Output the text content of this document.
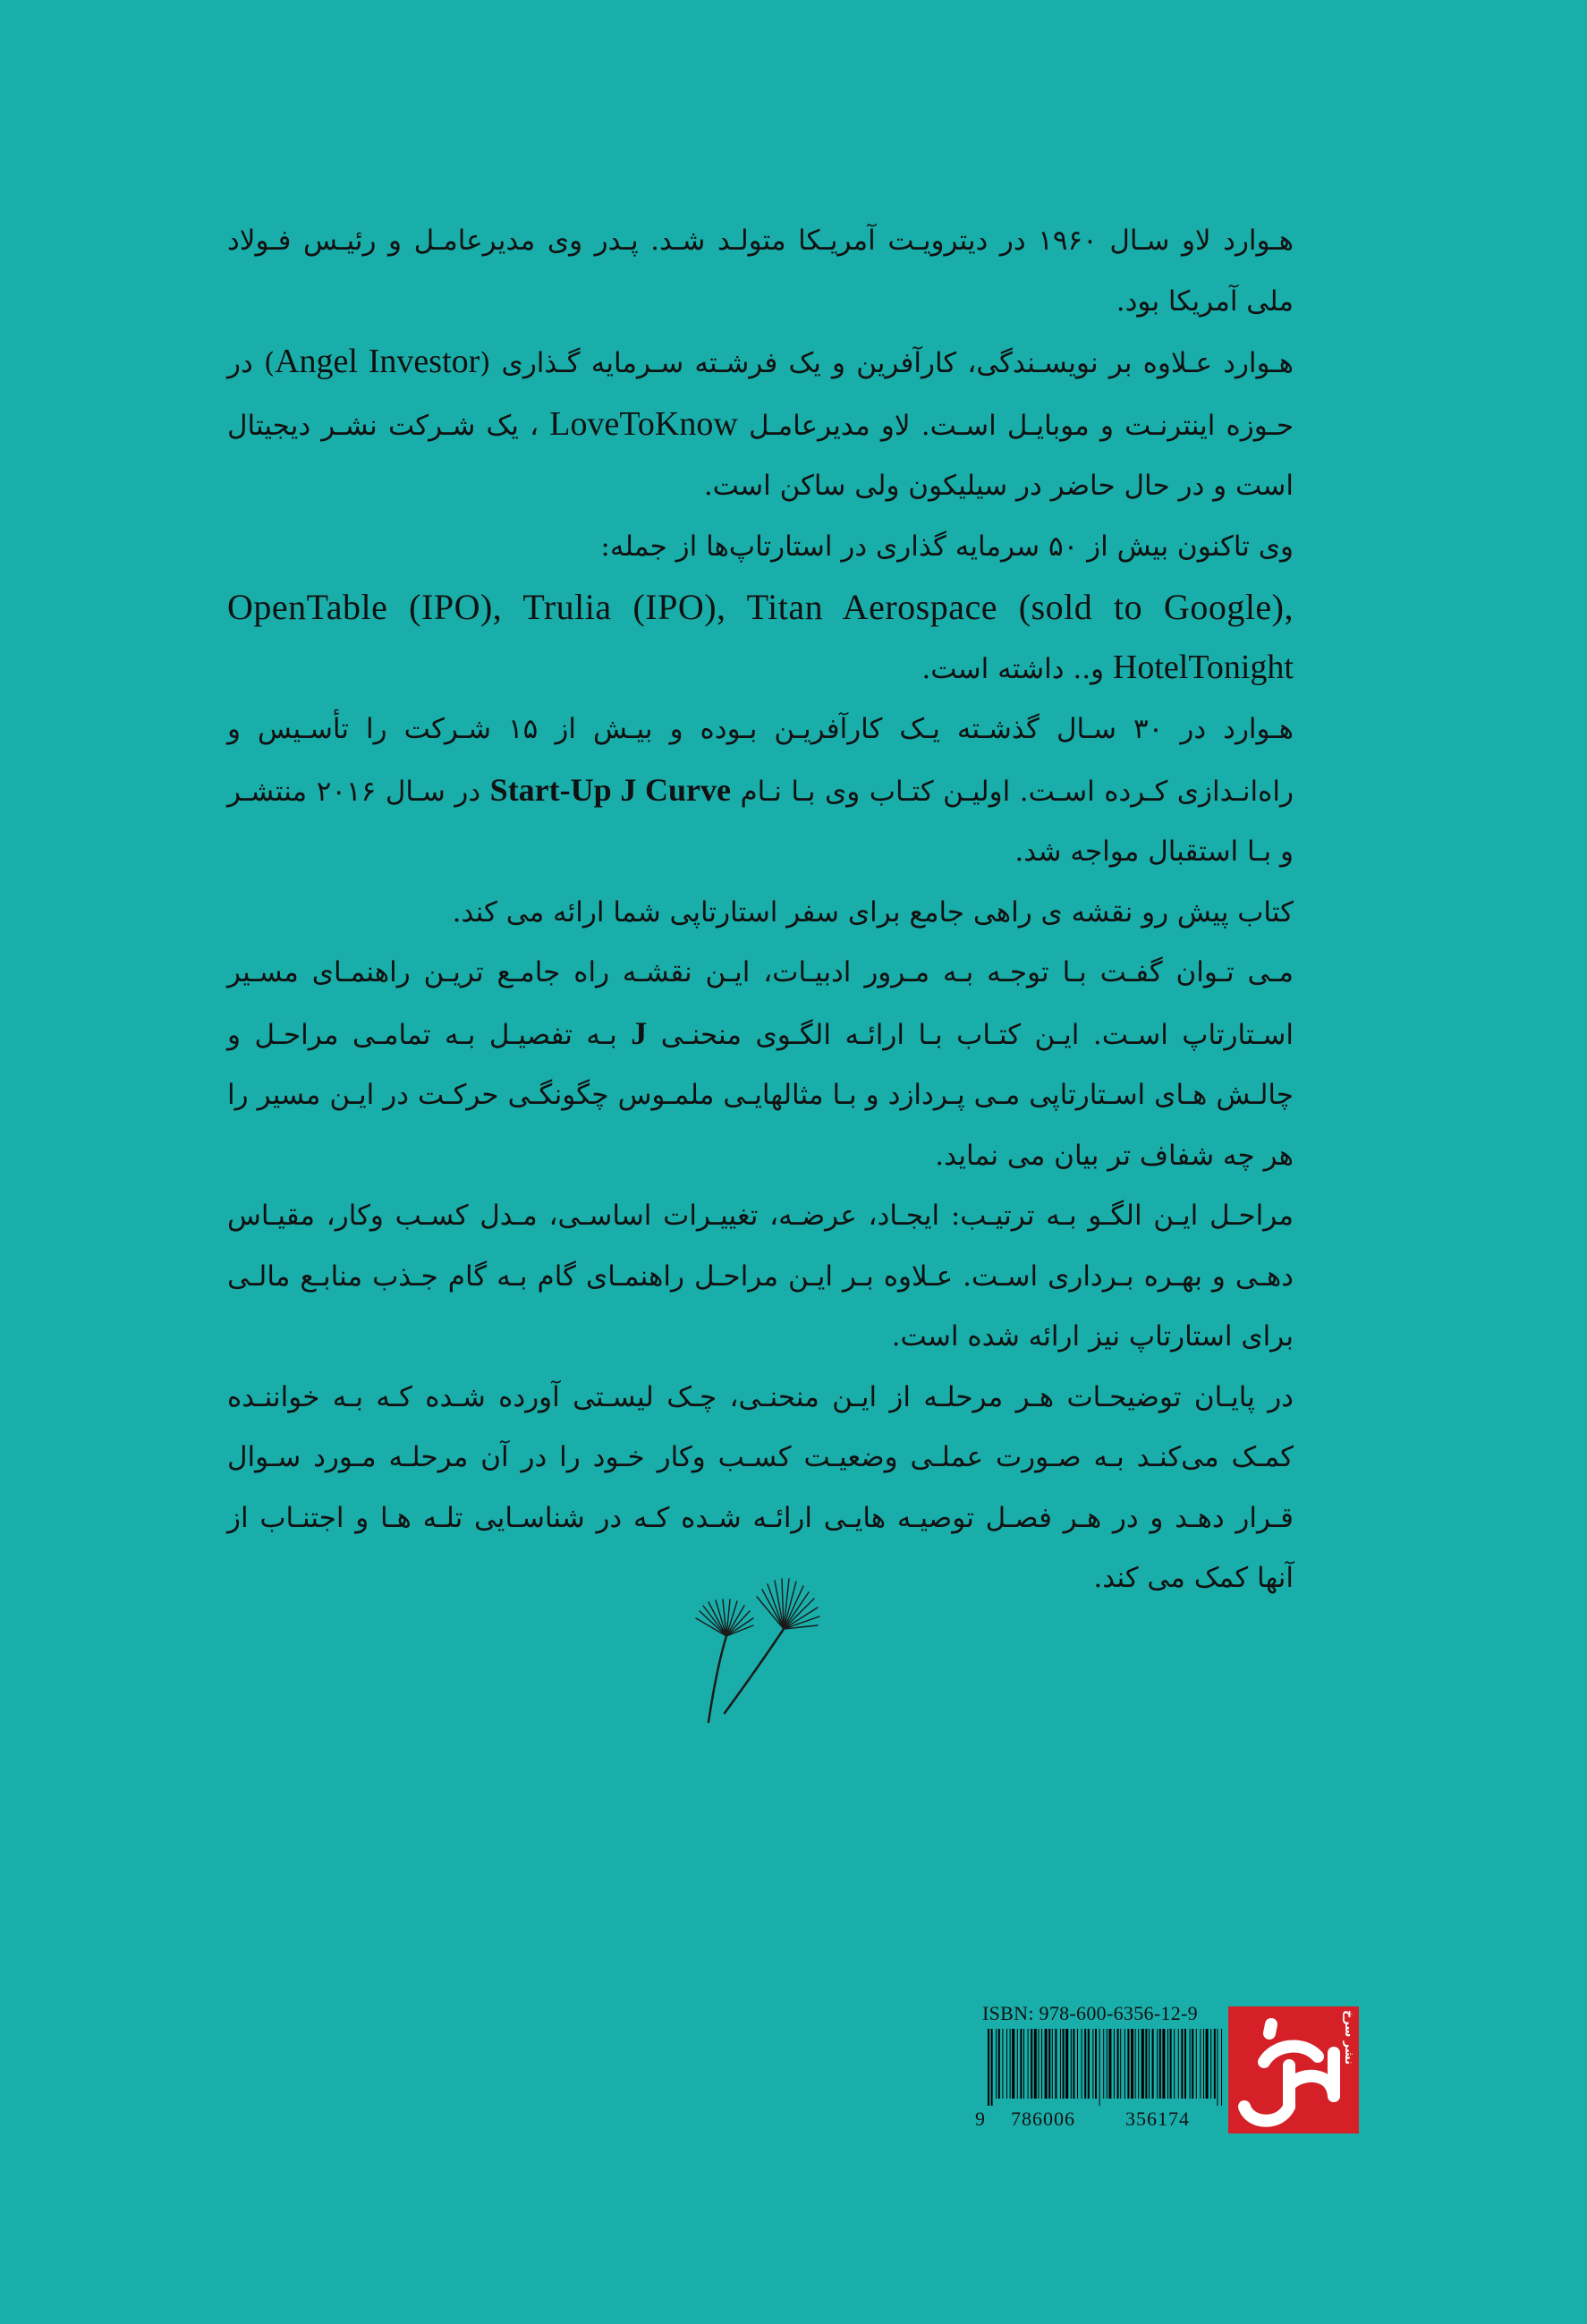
هـوارد لاو سـال ۱۹۶۰ در دیترویـت آمریـکا متولـد شـد. پـدر وی مدیرعامـل و رئیـس فـولاد ملی آمریکا بود.

هـوارد عـلاوه بر نویسـندگی، کارآفرین و یک فرشـته سـرمایه گـذاری (Angel Investor) در حـوزه اینترنـت و موبایـل اسـت. لاو مدیرعامـل LoveToKnow ، یک شـرکت نشـر دیجیتال است و در حال حاضر در سیلیکون ولی ساکن است.

وی تاکنون بیش از ۵۰ سرمایه گذاری در استارتاپ‌ها از جمله:

OpenTable (IPO), Trulia (IPO), Titan Aerospace (sold to Google),

HotelTonight و.. داشته است.

هـوارد در ۳۰ سـال گذشـته یـک کارآفریـن بـوده و بیـش از ۱۵ شـرکت را تأسـیس و راه‌انـدازی کـرده اسـت. اولیـن کتـاب وی بـا نـام Start-Up J Curve در سـال ۲۰۱۶ منتشـر و بـا استقبال مواجه شد.

کتاب پیش رو نقشه ی راهی جامع برای سفر استارتاپی شما ارائه می کند.

مـی تـوان گفـت بـا توجـه بـه مـرور ادبیـات، ایـن نقشـه راه جامـع تریـن راهنمـای مسـیر اسـتارتاپ اسـت. ایـن کتـاب بـا ارائـه الگـوی منحنـی J بـه تفصیـل بـه تمامـی مراحـل و چالـش هـای اسـتارتاپی مـی پـردازد و بـا مثالهایـی ملمـوس چگونگـی حرکـت در ایـن مسیر را هر چه شفاف تر بیان می نماید.

مراحـل ایـن الگـو بـه ترتیـب: ایجـاد، عرضـه، تغییـرات اساسـی، مـدل کسـب وکار، مقیـاس دهـی و بهـره بـرداری اسـت. عـلاوه بـر ایـن مراحـل راهنمـای گام بـه گام جـذب منابـع مالـی برای استارتاپ نیز ارائه شده است.

در پایـان توضیحـات هـر مرحلـه از ایـن منحنـی، چـک لیسـتی آورده شـده کـه بـه خواننـده کمـک می‌کنـد بـه صـورت عملـی وضعیـت کسـب وکار خـود را در آن مرحلـه مـورد سـوال قـرار دهـد و در هـر فصـل توصیـه هایـی ارائـه شـده کـه در شناسـایی تلـه هـا و اجتنـاب از آنها کمک می کند.

ISBN: 978-600-6356-12-9
9 786006	356174
نشر سرخ
